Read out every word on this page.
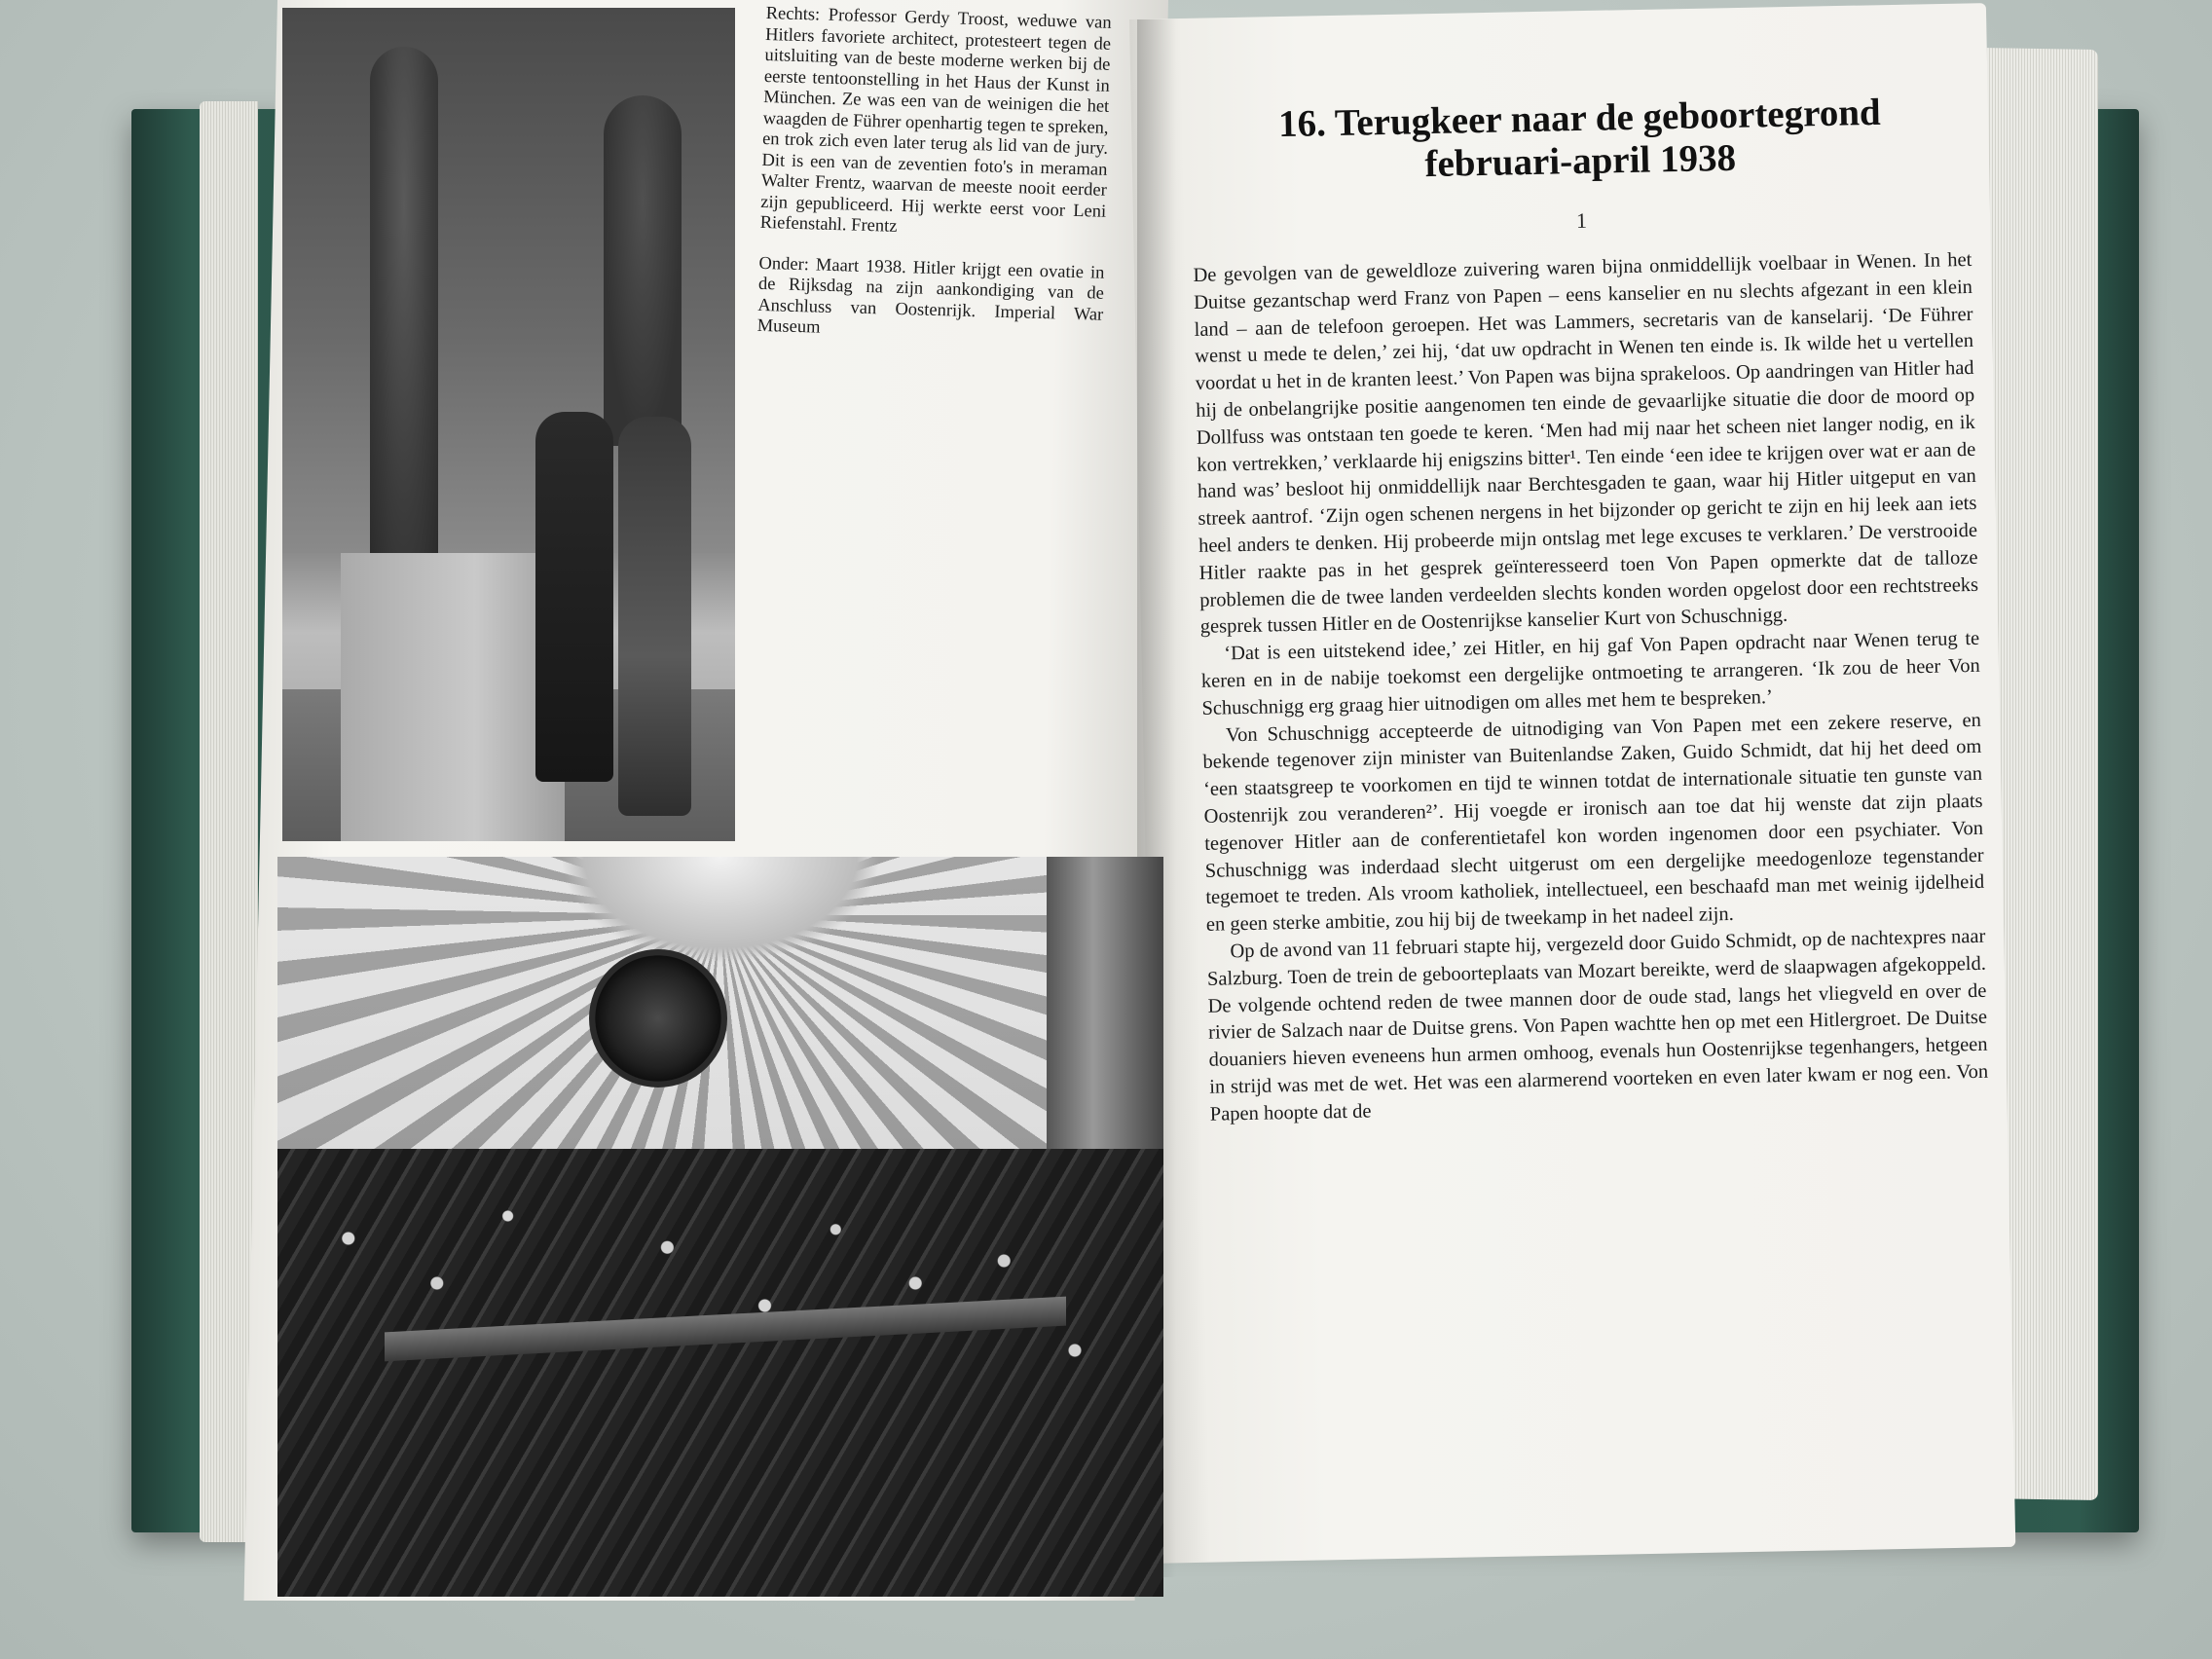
Rechts: Professor Gerdy Troost, weduwe van Hitlers favoriete architect, protesteert tegen de uitsluiting van de beste moderne werken bij de eerste tentoonstelling in het Haus der Kunst in München. Ze was een van de weinigen die het waagden de Führer openhartig tegen te spreken, en trok zich even later terug als lid van de jury. Dit is een van de zeventien foto's in meraman Walter Frentz, waarvan de meeste nooit eerder zijn gepubliceerd. Hij werkte eerst voor Leni Riefenstahl. Frentz

Onder: Maart 1938. Hitler krijgt een ovatie in de Rijksdag na zijn aankondiging van de Anschluss van Oostenrijk. Imperial War Museum

16. Terugkeer naar de geboortegrond
februari-april 1938
1

De gevolgen van de geweldloze zuivering waren bijna onmiddellijk voelbaar in Wenen. In het Duitse gezantschap werd Franz von Papen – eens kanselier en nu slechts afgezant in een klein land – aan de telefoon geroepen. Het was Lammers, secretaris van de kanselarij. ‘De Führer wenst u mede te delen,’ zei hij, ‘dat uw opdracht in Wenen ten einde is. Ik wilde het u vertellen voordat u het in de kranten leest.’ Von Papen was bijna sprakeloos. Op aandringen van Hitler had hij de onbelangrijke positie aangenomen ten einde de gevaarlijke situatie die door de moord op Dollfuss was ontstaan ten goede te keren. ‘Men had mij naar het scheen niet langer nodig, en ik kon vertrekken,’ verklaarde hij enigszins bitter¹. Ten einde ‘een idee te krijgen over wat er aan de hand was’ besloot hij onmiddellijk naar Berchtesgaden te gaan, waar hij Hitler uitgeput en van streek aantrof. ‘Zijn ogen schenen nergens in het bijzonder op gericht te zijn en hij leek aan iets heel anders te denken. Hij probeerde mijn ontslag met lege excuses te verklaren.’ De verstrooide Hitler raakte pas in het gesprek geïnteresseerd toen Von Papen opmerkte dat de talloze problemen die de twee landen verdeelden slechts konden worden opgelost door een rechtstreeks gesprek tussen Hitler en de Oostenrijkse kanselier Kurt von Schuschnigg.

‘Dat is een uitstekend idee,’ zei Hitler, en hij gaf Von Papen opdracht naar Wenen terug te keren en in de nabije toekomst een dergelijke ontmoeting te arrangeren. ‘Ik zou de heer Von Schuschnigg erg graag hier uitnodigen om alles met hem te bespreken.’

Von Schuschnigg accepteerde de uitnodiging van Von Papen met een zekere reserve, en bekende tegenover zijn minister van Buitenlandse Zaken, Guido Schmidt, dat hij het deed om ‘een staatsgreep te voorkomen en tijd te winnen totdat de internationale situatie ten gunste van Oostenrijk zou veranderen²’. Hij voegde er ironisch aan toe dat hij wenste dat zijn plaats tegenover Hitler aan de conferentietafel kon worden ingenomen door een psychiater. Von Schuschnigg was inderdaad slecht uitgerust om een dergelijke meedogenloze tegenstander tegemoet te treden. Als vroom katholiek, intellectueel, een beschaafd man met weinig ijdelheid en geen sterke ambitie, zou hij bij de tweekamp in het nadeel zijn.

Op de avond van 11 februari stapte hij, vergezeld door Guido Schmidt, op de nachtexpres naar Salzburg. Toen de trein de geboorteplaats van Mozart bereikte, werd de slaapwagen afgekoppeld. De volgende ochtend reden de twee mannen door de oude stad, langs het vliegveld en over de rivier de Salzach naar de Duitse grens. Von Papen wachtte hen op met een Hitlergroet. De Duitse douaniers hieven eveneens hun armen omhoog, evenals hun Oostenrijkse tegenhangers, hetgeen in strijd was met de wet. Het was een alarmerend voorteken en even later kwam er nog een. Von Papen hoopte dat de
